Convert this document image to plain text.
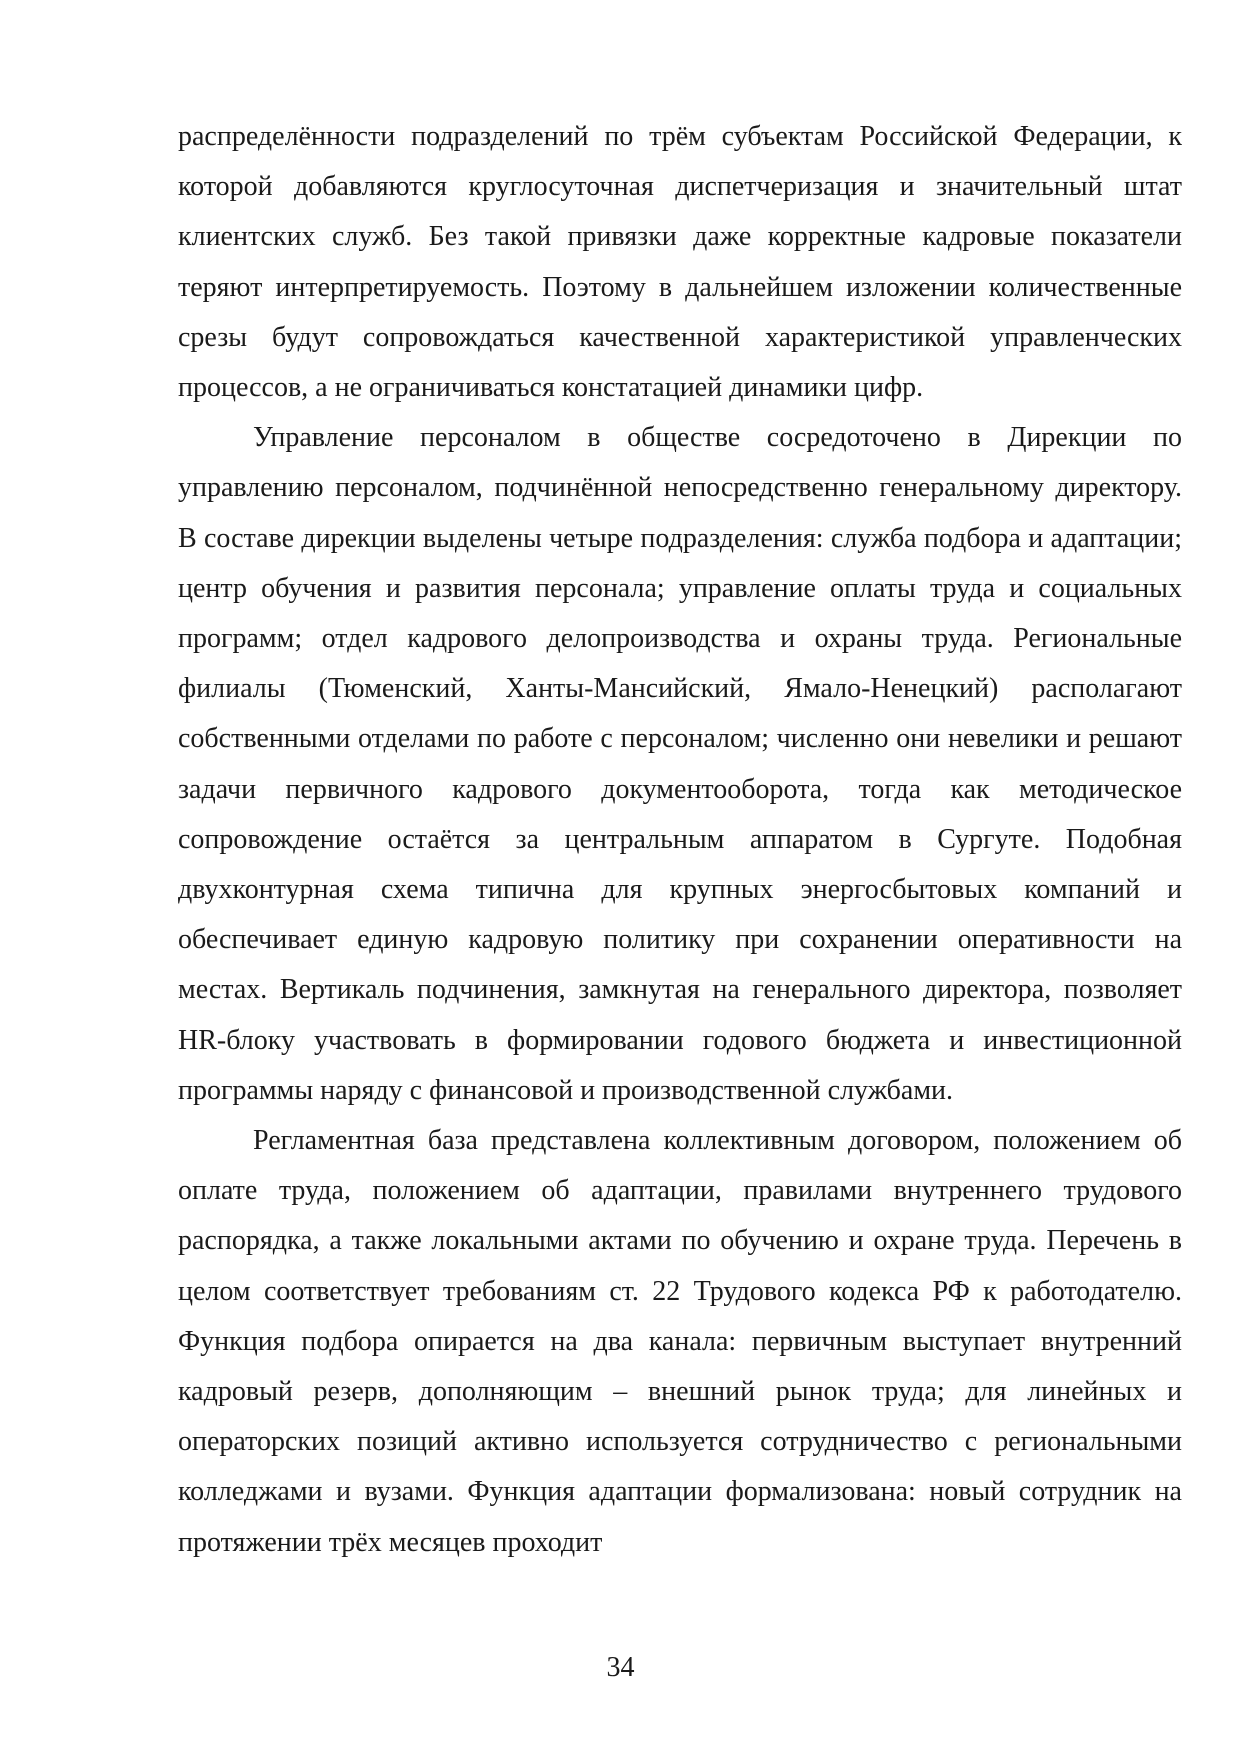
распределённости подразделений по трём субъектам Российской Федерации, к которой добавляются круглосуточная диспетчеризация и значительный штат клиентских служб. Без такой привязки даже корректные кадровые показатели теряют интерпретируемость. Поэтому в дальнейшем изложении количественные срезы будут сопровождаться качественной характеристикой управленческих процессов, а не ограничиваться констатацией динамики цифр.

Управление персоналом в обществе сосредоточено в Дирекции по управлению персоналом, подчинённой непосредственно генеральному директору. В составе дирекции выделены четыре подразделения: служба подбора и адаптации; центр обучения и развития персонала; управление оплаты труда и социальных программ; отдел кадрового делопроизводства и охраны труда. Региональные филиалы (Тюменский, Ханты-Мансийский, Ямало-Ненецкий) располагают собственными отделами по работе с персоналом; численно они невелики и решают задачи первичного кадрового документооборота, тогда как методическое сопровождение остаётся за центральным аппаратом в Сургуте. Подобная двухконтурная схема типична для крупных энергосбытовых компаний и обеспечивает единую кадровую политику при сохранении оперативности на местах. Вертикаль подчинения, замкнутая на генерального директора, позволяет HR-блоку участвовать в формировании годового бюджета и инвестиционной программы наряду с финансовой и производственной службами.

Регламентная база представлена коллективным договором, положением об оплате труда, положением об адаптации, правилами внутреннего трудового распорядка, а также локальными актами по обучению и охране труда. Перечень в целом соответствует требованиям ст. 22 Трудового кодекса РФ к работодателю. Функция подбора опирается на два канала: первичным выступает внутренний кадровый резерв, дополняющим – внешний рынок труда; для линейных и операторских позиций активно используется сотрудничество с региональными колледжами и вузами. Функция адаптации формализована: новый сотрудник на протяжении трёх месяцев проходит

34
